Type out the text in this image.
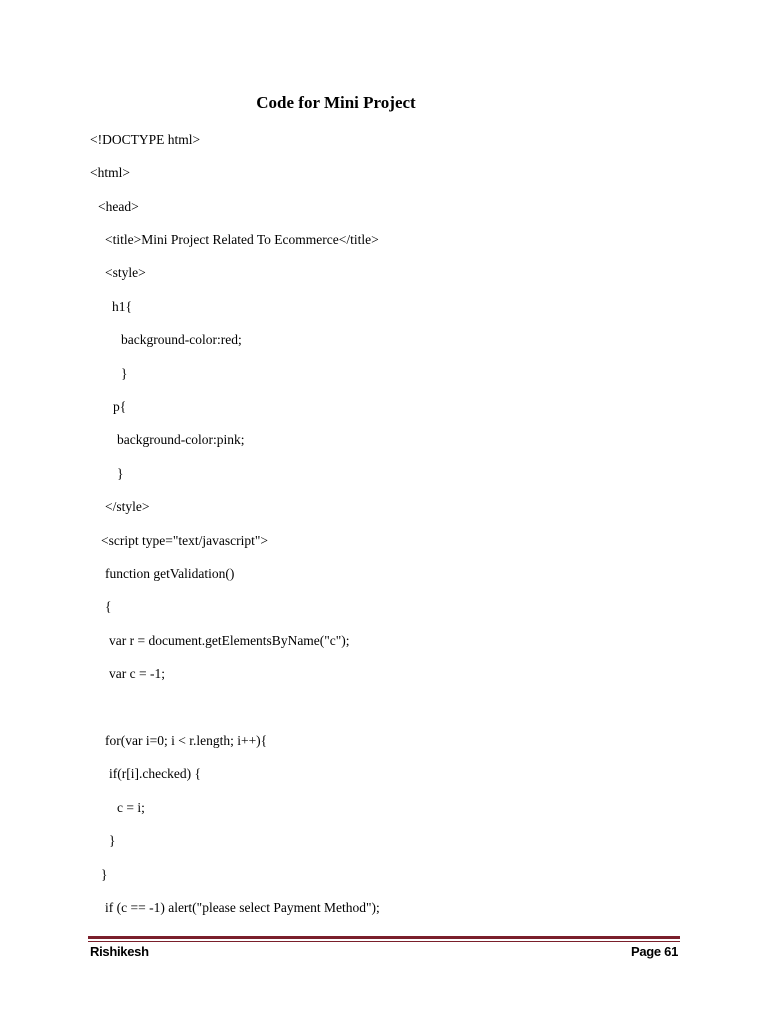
Code for Mini Project
<!DOCTYPE html>
<html>
<head>
<title>Mini Project Related To Ecommerce</title>
<style>
h1{
background-color:red;
}
p{
background-color:pink;
}
</style>
<script type="text/javascript">
function getValidation()
{
var r = document.getElementsByName("c");
var c = -1;
for(var i=0; i < r.length; i++){
if(r[i].checked) {
c = i;
}
}
if (c == -1) alert("please select Payment Method");
Rishikesh	Page 61
